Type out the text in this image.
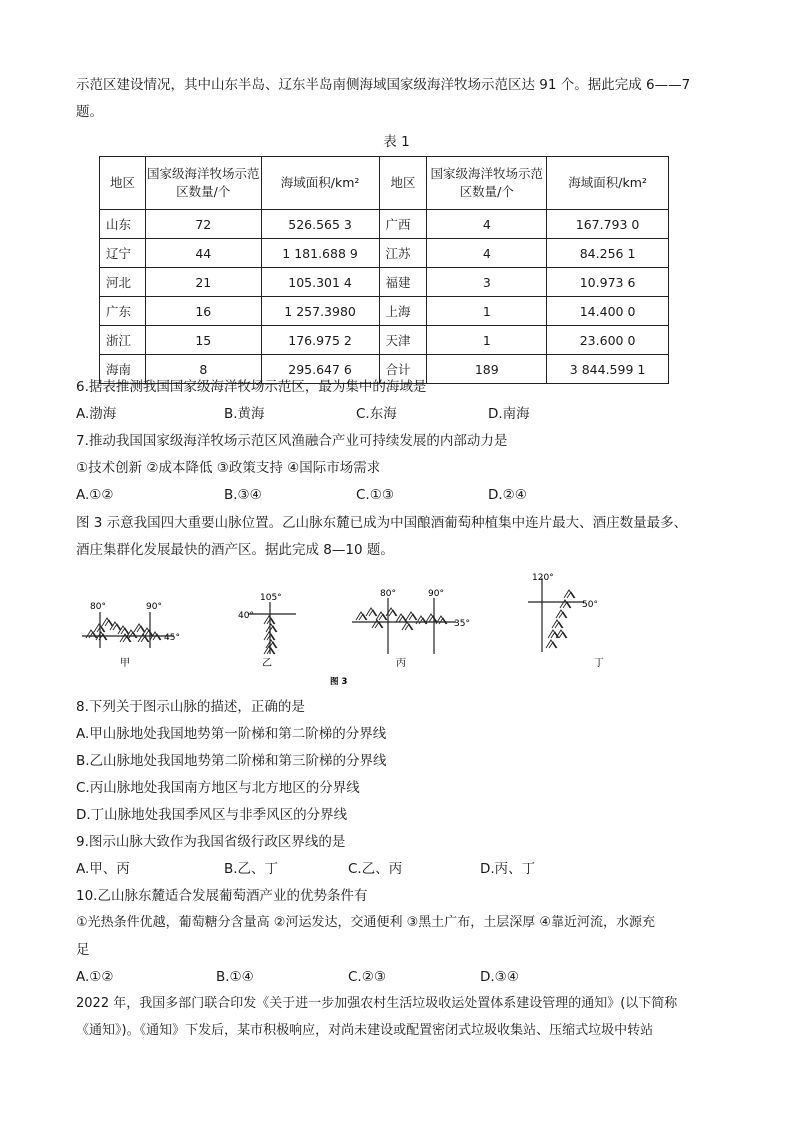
示范区建设情况，其中山东半岛、辽东半岛南侧海域国家级海洋牧场示范区达 91 个。据此完成 6——7
题。
表 1
地区	国家级海洋牧场示范区数量/个	海域面积/km²	地区	国家级海洋牧场示范区数量/个	海域面积/km²
山东	72	526.565 3	广西	4	167.793 0
辽宁	44	1 181.688 9	江苏	4	84.256 1
河北	21	105.301 4	福建	3	10.973 6
广东	16	1 257.3980	上海	1	14.400 0
浙江	15	176.975 2	天津	1	23.600 0
海南	8	295.647 6	合计	189	3 844.599 1
6.据表推测我国国家级海洋牧场示范区，最为集中的海域是
A.渤海	B.黄海	C.东海	D.南海
7.推动我国国家级海洋牧场示范区风渔融合产业可持续发展的内部动力是
①技术创新 ②成本降低 ③政策支持 ④国际市场需求
A.①②	B.③④	C.①③	D.②④
图 3 示意我国四大重要山脉位置。乙山脉东麓已成为中国酿酒葡萄种植集中连片最大、酒庄数量最多、
酒庄集群化发展最快的酒产区。据此完成 8—10 题。
80°	90°
45°
甲
105°
40°
乙
80°	90°
35°
丙
120°
50°
丁
图 3
8.下列关于图示山脉的描述，正确的是
A.甲山脉地处我国地势第一阶梯和第二阶梯的分界线
B.乙山脉地处我国地势第二阶梯和第三阶梯的分界线
C.丙山脉地处我国南方地区与北方地区的分界线
D.丁山脉地处我国季风区与非季风区的分界线
9.图示山脉大致作为我国省级行政区界线的是
A.甲、丙	B.乙、丁	C.乙、丙	D.丙、丁
10.乙山脉东麓适合发展葡萄酒产业的优势条件有
①光热条件优越，葡萄糖分含量高 ②河运发达，交通便利 ③黑土广布，土层深厚 ④靠近河流，水源充
足
A.①②	B.①④	C.②③	D.③④
2022 年，我国多部门联合印发《关于进一步加强农村生活垃圾收运处置体系建设管理的通知》(以下简称
《通知》)。《通知》下发后，某市积极响应，对尚未建设或配置密闭式垃圾收集站、压缩式垃圾中转站
